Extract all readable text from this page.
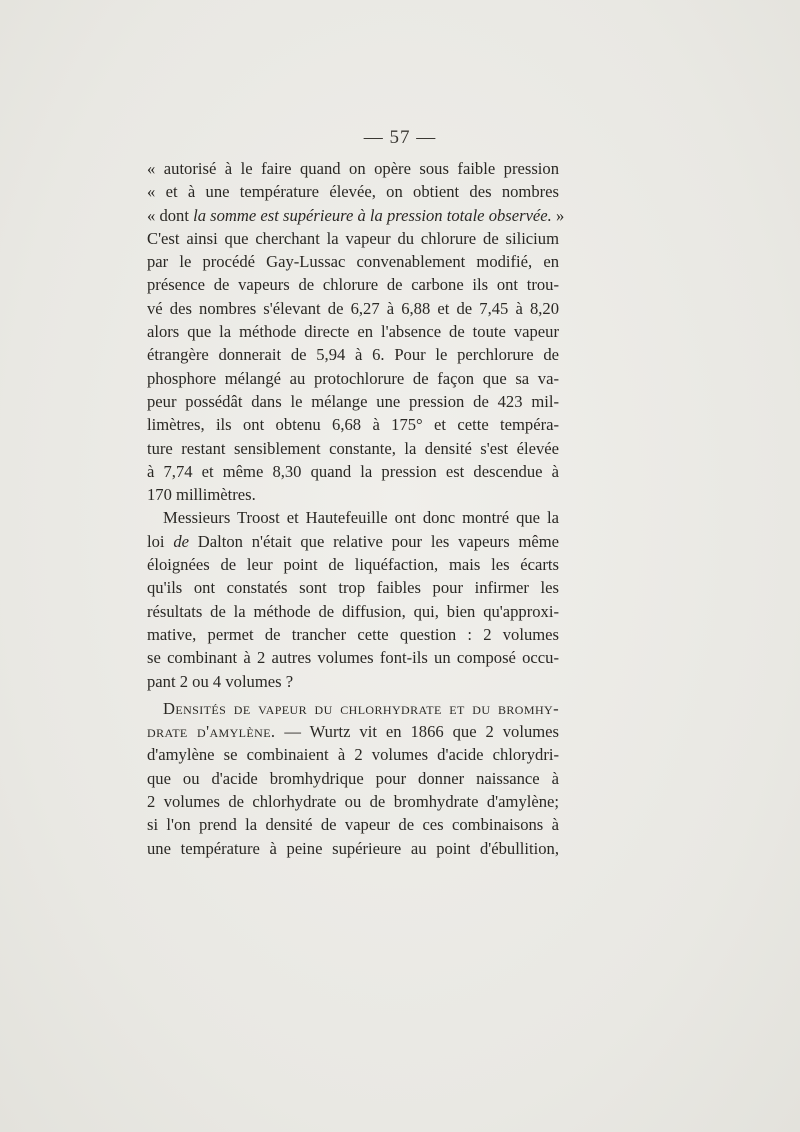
— 57 —
« autorisé à le faire quand on opère sous faible pression
« et à une température élevée, on obtient des nombres
« dont la somme est supérieure à la pression totale observée. »
C'est ainsi que cherchant la vapeur du chlorure de silicium
par le procédé Gay-Lussac convenablement modifié, en
présence de vapeurs de chlorure de carbone ils ont trou-
vé des nombres s'élevant de 6,27 à 6,88 et de 7,45 à 8,20
alors que la méthode directe en l'absence de toute vapeur
étrangère donnerait de 5,94 à 6. Pour le perchlorure de
phosphore mélangé au protochlorure de façon que sa va-
peur possédât dans le mélange une pression de 423 mil-
limètres, ils ont obtenu 6,68 à 175° et cette tempéra-
ture restant sensiblement constante, la densité s'est élevée
à 7,74 et même 8,30 quand la pression est descendue à
170 millimètres.
Messieurs Troost et Hautefeuille ont donc montré que la
loi de Dalton n'était que relative pour les vapeurs même
éloignées de leur point de liquéfaction, mais les écarts
qu'ils ont constatés sont trop faibles pour infirmer les
résultats de la méthode de diffusion, qui, bien qu'approxi-
mative, permet de trancher cette question : 2 volumes
se combinant à 2 autres volumes font-ils un composé occu-
pant 2 ou 4 volumes ?
Densités de vapeur du chlorhydrate et du bromhy-
drate d'amylène. — Wurtz vit en 1866 que 2 volumes
d'amylène se combinaient à 2 volumes d'acide chlorydri-
que ou d'acide bromhydrique pour donner naissance à
2 volumes de chlorhydrate ou de bromhydrate d'amylène;
si l'on prend la densité de vapeur de ces combinaisons à
une température à peine supérieure au point d'ébullition,
